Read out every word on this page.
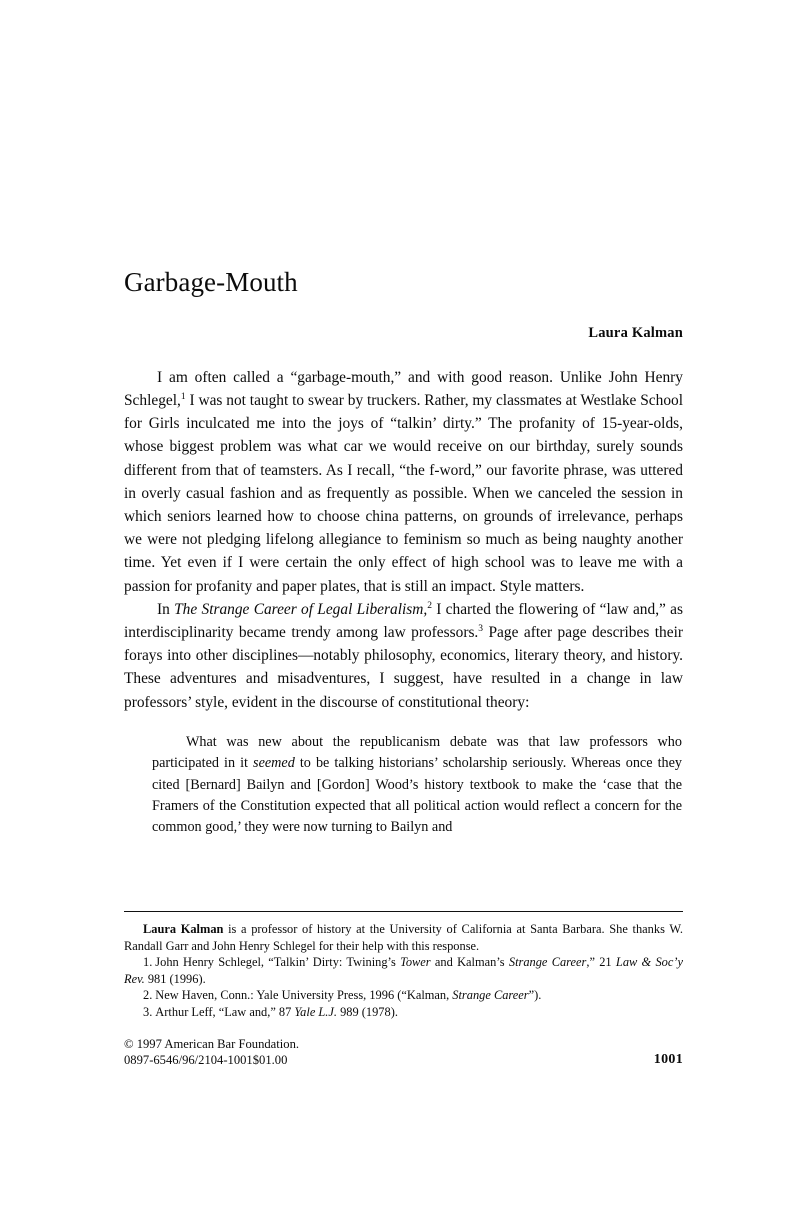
Garbage-Mouth
Laura Kalman

I am often called a “garbage-mouth,” and with good reason. Unlike John Henry Schlegel,$^1$ I was not taught to swear by truckers. Rather, my classmates at Westlake School for Girls inculcated me into the joys of “talkin’ dirty.” The profanity of 15-year-olds, whose biggest problem was what car we would receive on our birthday, surely sounds different from that of teamsters. As I recall, “the f-word,” our favorite phrase, was uttered in overly casual fashion and as frequently as possible. When we canceled the session in which seniors learned how to choose china patterns, on grounds of irrelevance, perhaps we were not pledging lifelong allegiance to feminism so much as being naughty another time. Yet even if I were certain the only effect of high school was to leave me with a passion for profanity and paper plates, that is still an impact. Style matters.

In The Strange Career of Legal Liberalism,$^2$ I charted the flowering of “law and,” as interdisciplinarity became trendy among law professors.$^3$ Page after page describes their forays into other disciplines—notably philosophy, economics, literary theory, and history. These adventures and misadventures, I suggest, have resulted in a change in law professors’ style, evident in the discourse of constitutional theory:

What was new about the republicanism debate was that law professors who participated in it seemed to be talking historians’ scholarship seriously. Whereas once they cited [Bernard] Bailyn and [Gordon] Wood’s history textbook to make the ‘case that the Framers of the Constitution expected that all political action would reflect a concern for the common good,’ they were now turning to Bailyn and

Laura Kalman is a professor of history at the University of California at Santa Barbara. She thanks W. Randall Garr and John Henry Schlegel for their help with this response.

1. John Henry Schlegel, “Talkin’ Dirty: Twining’s Tower and Kalman’s Strange Career,” 21 Law & Soc’y Rev. 981 (1996).

2. New Haven, Conn.: Yale University Press, 1996 (“Kalman, Strange Career”).

3. Arthur Leff, “Law and,” 87 Yale L.J. 989 (1978).

© 1997 American Bar Foundation.
0897-6546/96/2104-1001$01.00	1001
